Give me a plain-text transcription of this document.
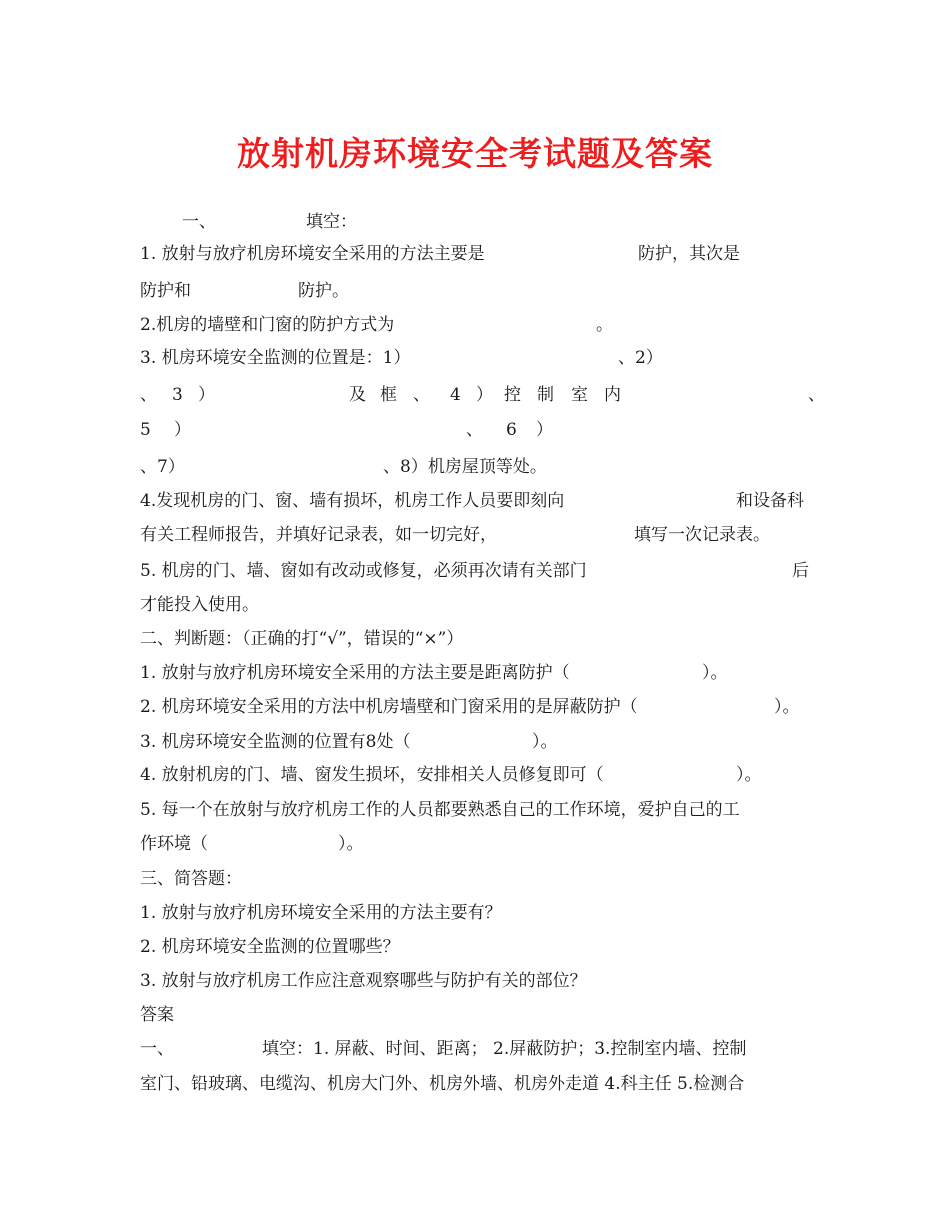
放射机房环境安全考试题及答案
一、	填空：
1. 放射与放疗机房环境安全采用的方法主要是	防护，其次是
防护和	防护。
2.机房的墙壁和门窗的防护方式为	。
3. 机房环境安全监测的位置是：1）	、2）
、 3 ）	及 框 、 4 ） 控 制 室 内	、
5 ）	、 6 ）
、7）	、8）机房屋顶等处。
4.发现机房的门、窗、墙有损坏，机房工作人员要即刻向	和设备科
有关工程师报告，并填好记录表，如一切完好，	填写一次记录表。
5. 机房的门、墙、窗如有改动或修复，必须再次请有关部门	后
才能投入使用。
二、判断题：（正确的打“√”，错误的“×”）
1. 放射与放疗机房环境安全采用的方法主要是距离防护（	）。
2. 机房环境安全采用的方法中机房墙壁和门窗采用的是屏蔽防护（	）。
3. 机房环境安全监测的位置有8处（	）。
4. 放射机房的门、墙、窗发生损坏，安排相关人员修复即可（	）。
5. 每一个在放射与放疗机房工作的人员都要熟悉自己的工作环境，爱护自己的工
作环境（	）。
三、简答题：
1. 放射与放疗机房环境安全采用的方法主要有？
2. 机房环境安全监测的位置哪些？
3. 放射与放疗机房工作应注意观察哪些与防护有关的部位？
答案
一、	填空：1. 屏蔽、时间、距离； 2.屏蔽防护；3.控制室内墙、控制
室门、铅玻璃、电缆沟、机房大门外、机房外墙、机房外走道 4.科主任 5.检测合
